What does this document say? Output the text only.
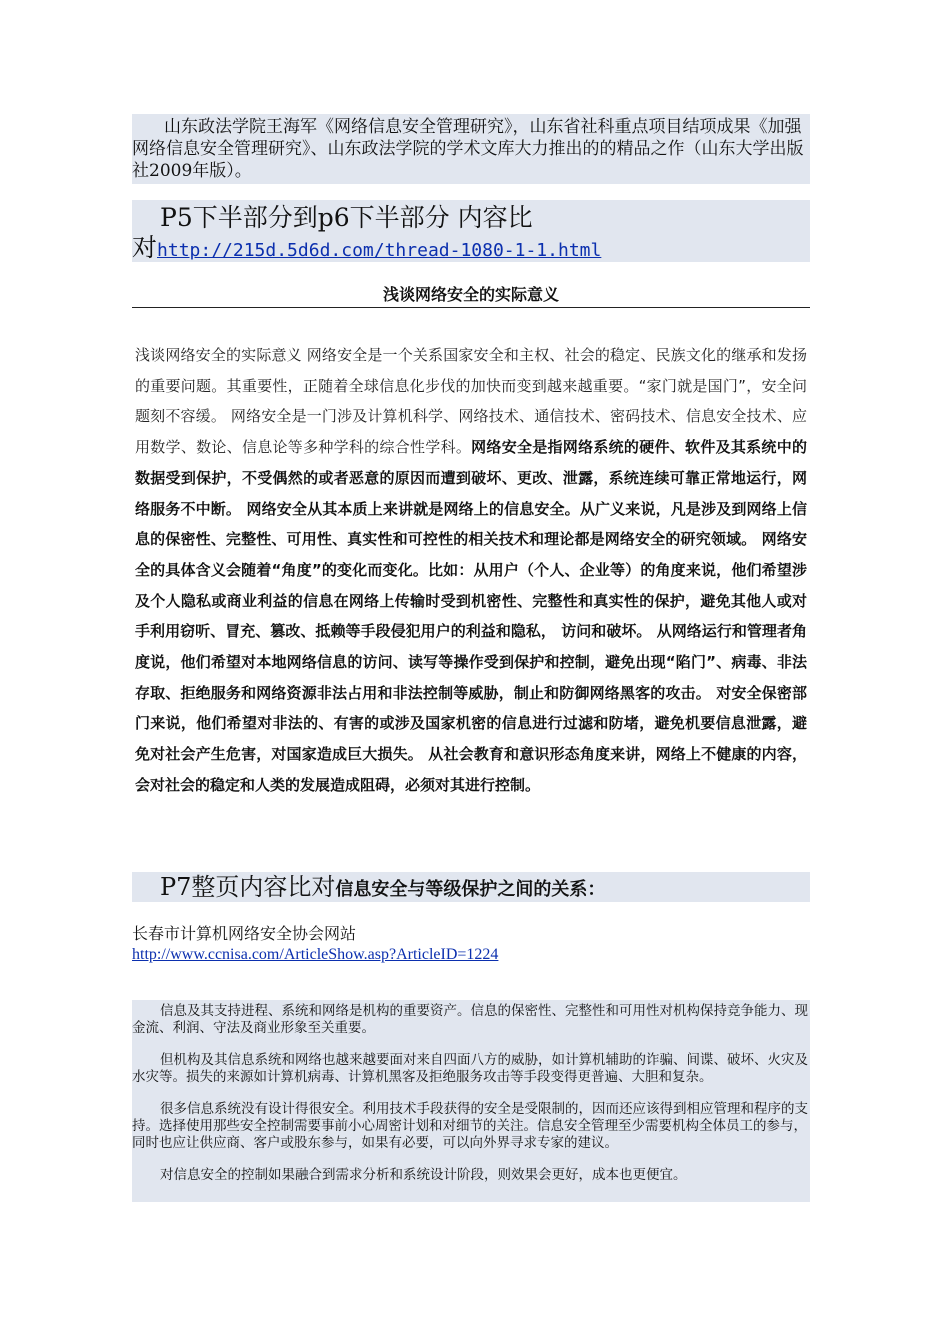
山东政法学院王海军《网络信息安全管理研究》，山东省社科重点项目结项成果《加强网络信息安全管理研究》、山东政法学院的学术文库大力推出的的精品之作（山东大学出版社2009年版）。

P5下半部分到p6下半部分 内容比
对http://215d.5d6d.com/thread-1080-1-1.html
浅谈网络安全的实际意义
浅谈网络安全的实际意义 网络安全是一个关系国家安全和主权、社会的稳定、民族文化的继承和发扬的重要问题。其重要性，正随着全球信息化步伐的加快而变到越来越重要。“家门就是国门”，安全问题刻不容缓。 网络安全是一门涉及计算机科学、网络技术、通信技术、密码技术、信息安全技术、应用数学、数论、信息论等多种学科的综合性学科。网络安全是指网络系统的硬件、软件及其系统中的数据受到保护，不受偶然的或者恶意的原因而遭到破坏、更改、泄露，系统连续可靠正常地运行，网络服务不中断。 网络安全从其本质上来讲就是网络上的信息安全。从广义来说，凡是涉及到网络上信息的保密性、完整性、可用性、真实性和可控性的相关技术和理论都是网络安全的研究领域。 网络安全的具体含义会随着“角度”的变化而变化。比如：从用户（个人、企业等）的角度来说，他们希望涉及个人隐私或商业利益的信息在网络上传输时受到机密性、完整性和真实性的保护，避免其他人或对手利用窃听、冒充、篡改、抵赖等手段侵犯用户的利益和隐私， 访问和破坏。 从网络运行和管理者角度说，他们希望对本地网络信息的访问、读写等操作受到保护和控制，避免出现“陷门”、病毒、非法存取、拒绝服务和网络资源非法占用和非法控制等威胁，制止和防御网络黑客的攻击。 对安全保密部门来说，他们希望对非法的、有害的或涉及国家机密的信息进行过滤和防堵，避免机要信息泄露，避免对社会产生危害，对国家造成巨大损失。 从社会教育和意识形态角度来讲，网络上不健康的内容，会对社会的稳定和人类的发展造成阻碍，必须对其进行控制。
P7整页内容比对信息安全与等级保护之间的关系：
长春市计算机网络安全协会网站
http://www.ccnisa.com/ArticleShow.asp?ArticleID=1224

信息及其支持进程、系统和网络是机构的重要资产。信息的保密性、完整性和可用性对机构保持竞争能力、现金流、利润、守法及商业形象至关重要。

但机构及其信息系统和网络也越来越要面对来自四面八方的威胁，如计算机辅助的诈骗、间谍、破坏、火灾及水灾等。损失的来源如计算机病毒、计算机黑客及拒绝服务攻击等手段变得更普遍、大胆和复杂。

很多信息系统没有设计得很安全。利用技术手段获得的安全是受限制的，因而还应该得到相应管理和程序的支持。选择使用那些安全控制需要事前小心周密计划和对细节的关注。信息安全管理至少需要机构全体员工的参与，同时也应让供应商、客户或股东参与，如果有必要，可以向外界寻求专家的建议。

对信息安全的控制如果融合到需求分析和系统设计阶段，则效果会更好，成本也更便宜。
